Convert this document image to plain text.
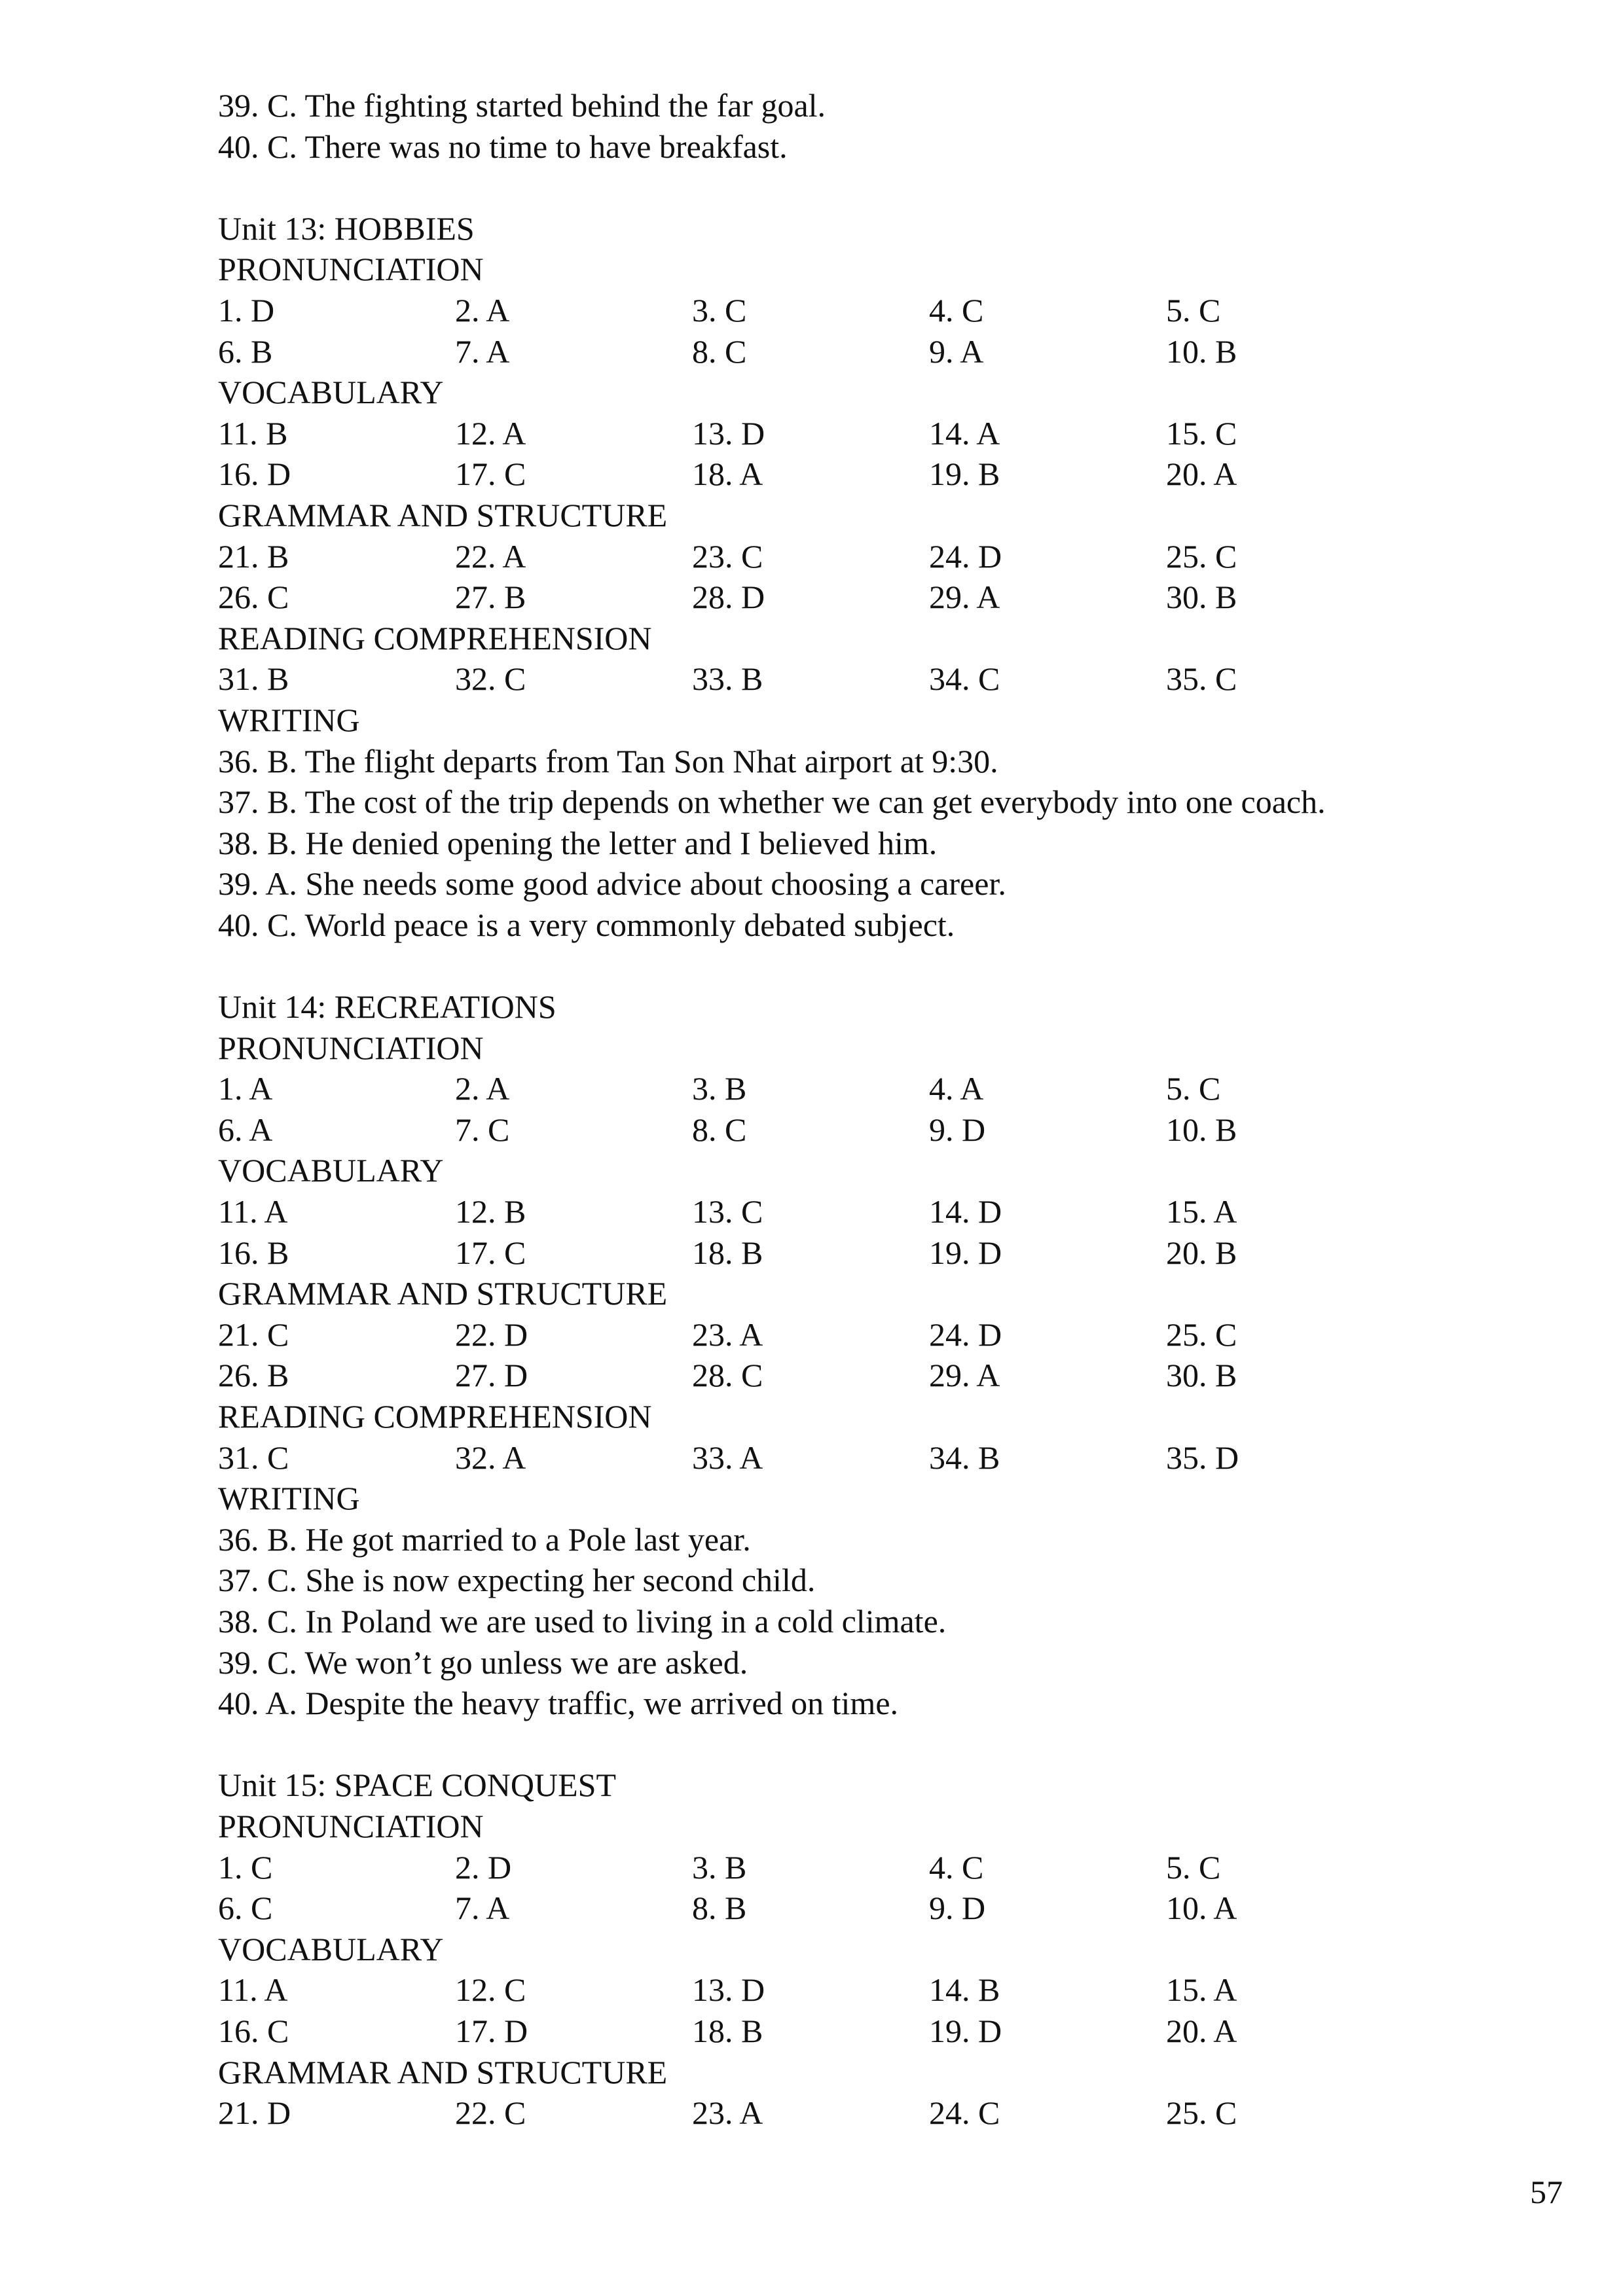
39. C. The fighting started behind the far goal.
40. C. There was no time to have breakfast.
Unit 13: HOBBIES
PRONUNCIATION
1. D	2. A	3. C	4. C	5. C
6. B	7. A	8. C	9. A	10. B
VOCABULARY
11. B	12. A	13. D	14. A	15. C
16. D	17. C	18. A	19. B	20. A
GRAMMAR AND STRUCTURE
21. B	22. A	23. C	24. D	25. C
26. C	27. B	28. D	29. A	30. B
READING COMPREHENSION
31. B	32. C	33. B	34. C	35. C
WRITING
36. B. The flight departs from Tan Son Nhat airport at 9:30.
37. B. The cost of the trip depends on whether we can get everybody into one coach.
38. B. He denied opening the letter and I believed him.
39. A. She needs some good advice about choosing a career.
40. C. World peace is a very commonly debated subject.
Unit 14: RECREATIONS
PRONUNCIATION
1. A	2. A	3. B	4. A	5. C
6. A	7. C	8. C	9. D	10. B
VOCABULARY
11. A	12. B	13. C	14. D	15. A
16. B	17. C	18. B	19. D	20. B
GRAMMAR AND STRUCTURE
21. C	22. D	23. A	24. D	25. C
26. B	27. D	28. C	29. A	30. B
READING COMPREHENSION
31. C	32. A	33. A	34. B	35. D
WRITING
36. B. He got married to a Pole last year.
37. C. She is now expecting her second child.
38. C. In Poland we are used to living in a cold climate.
39. C. We won’t go unless we are asked.
40. A. Despite the heavy traffic, we arrived on time.
Unit 15: SPACE CONQUEST
PRONUNCIATION
1. C	2. D	3. B	4. C	5. C
6. C	7. A	8. B	9. D	10. A
VOCABULARY
11. A	12. C	13. D	14. B	15. A
16. C	17. D	18. B	19. D	20. A
GRAMMAR AND STRUCTURE
21. D	22. C	23. A	24. C	25. C
57
